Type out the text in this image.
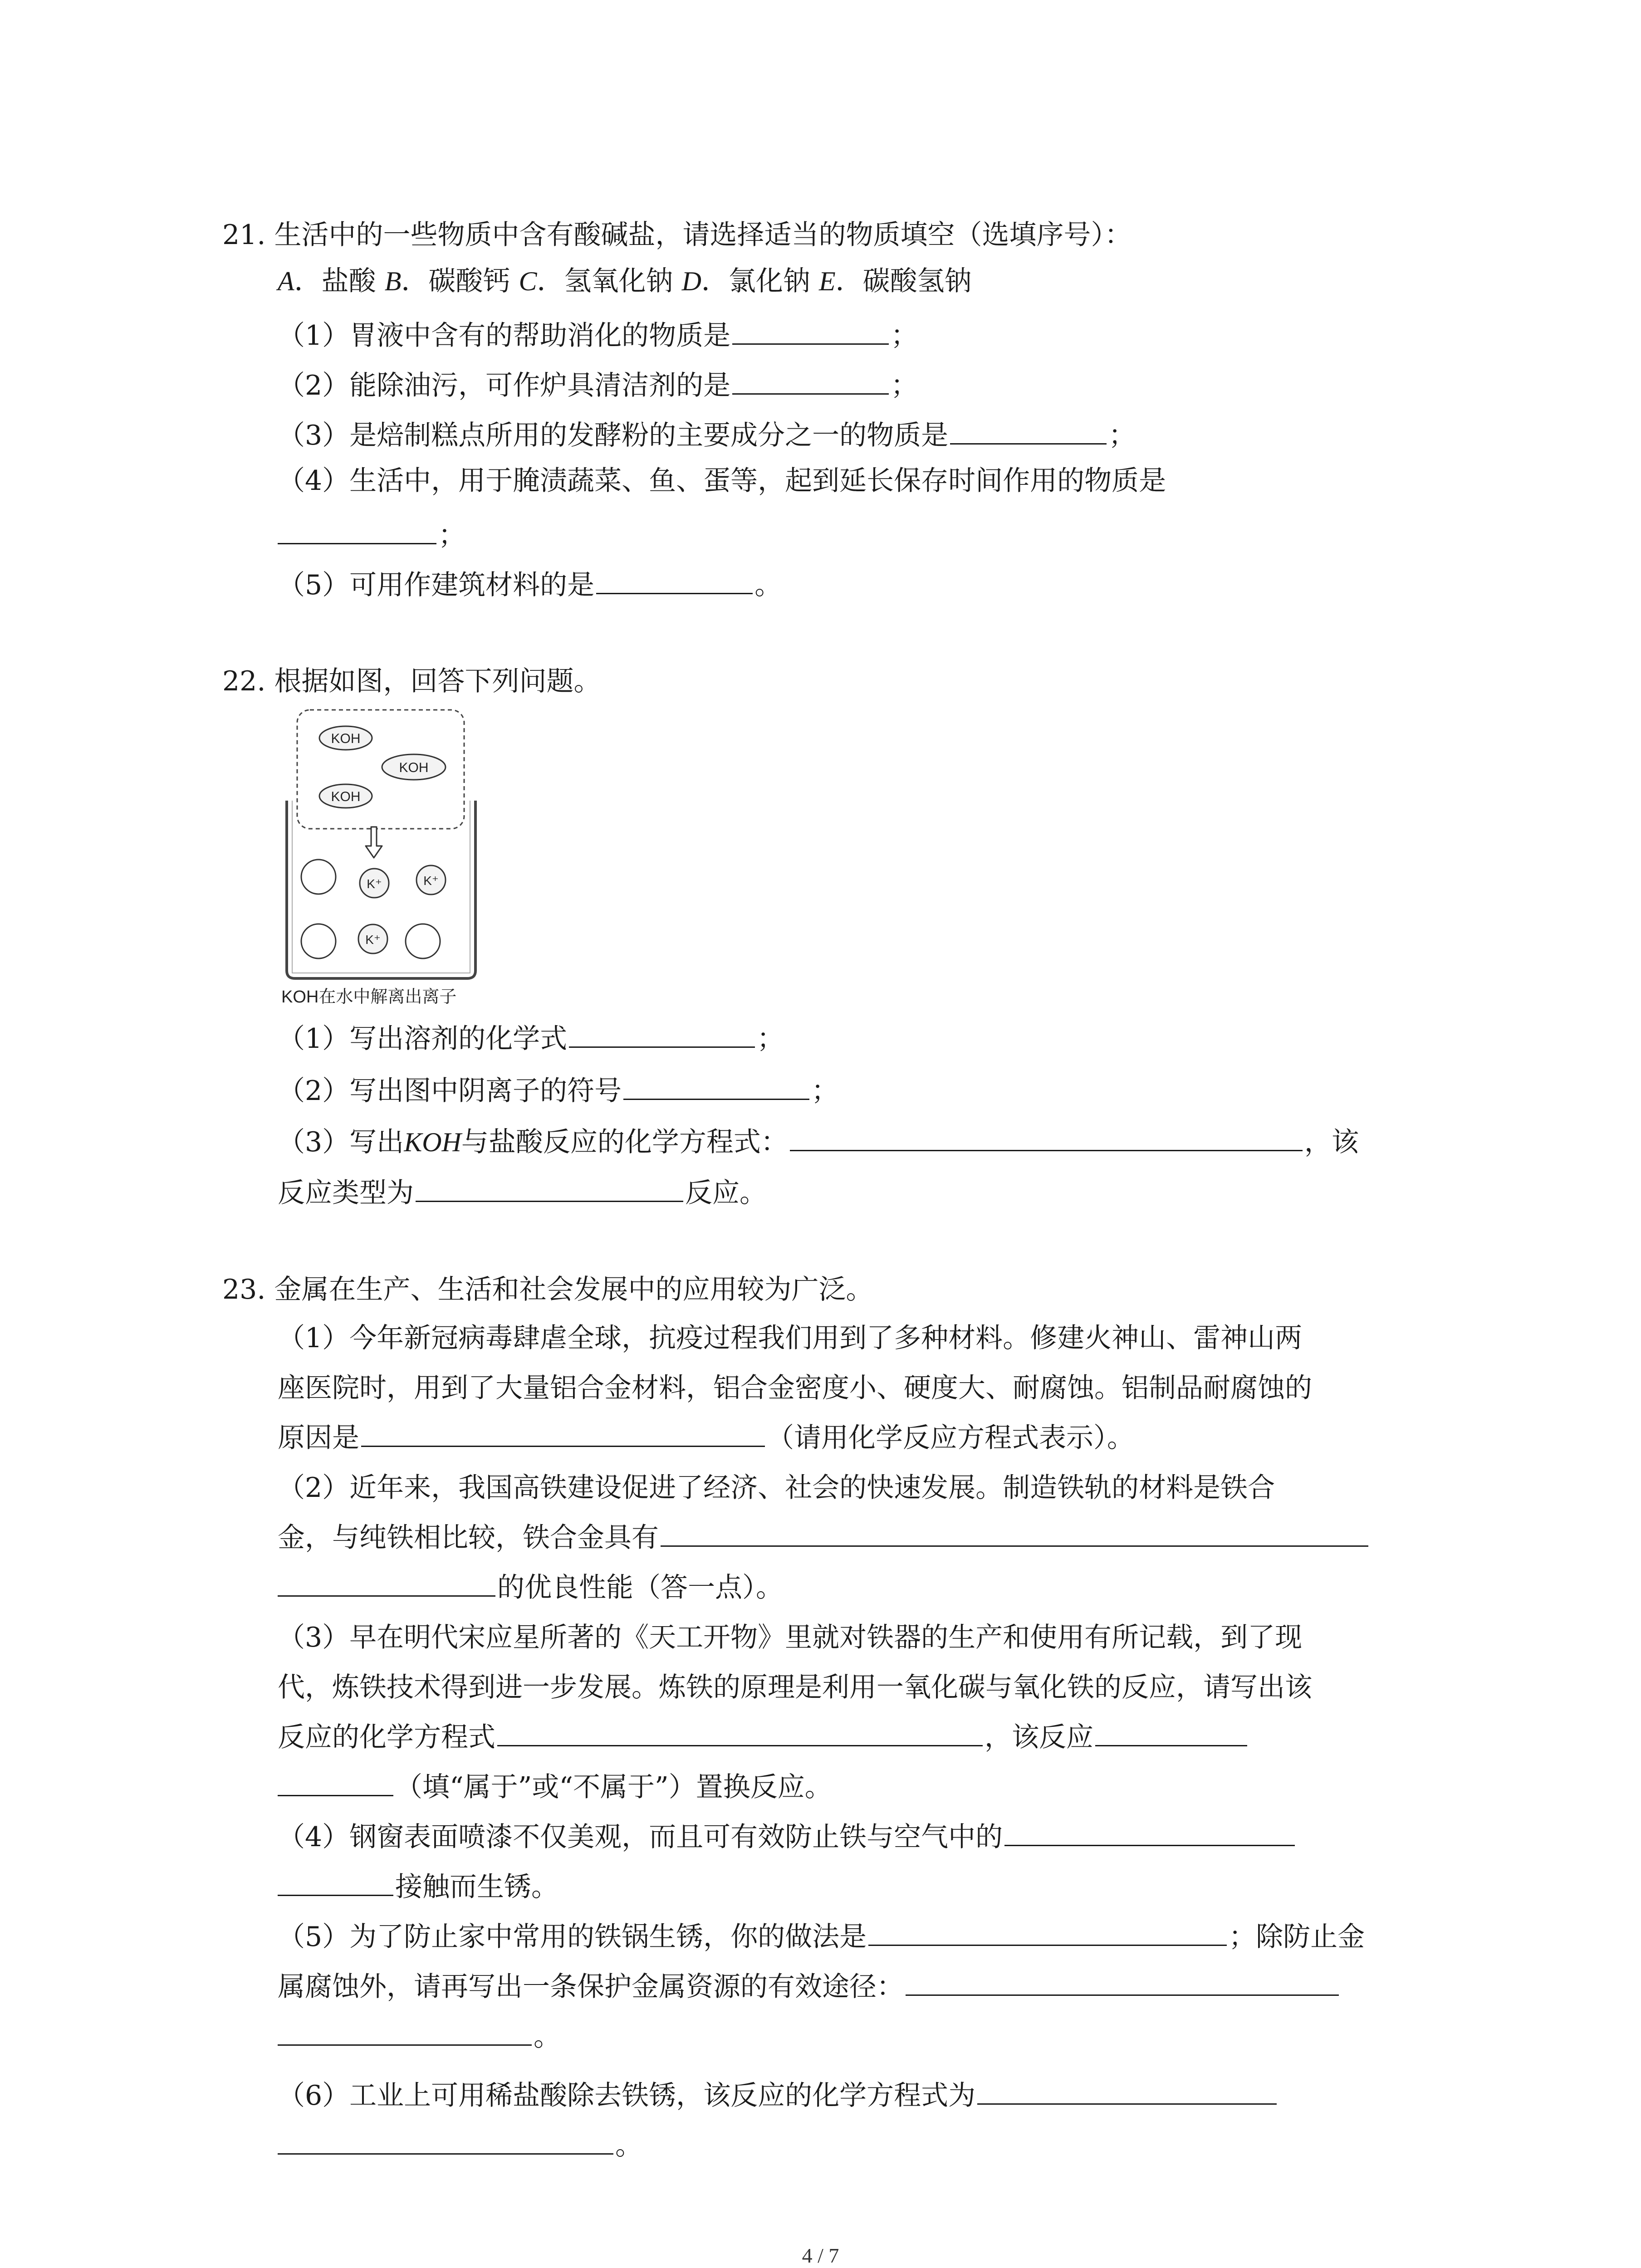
21. 生活中的一些物质中含有酸碱盐，请选择适当的物质填空（选填序号）：
A．盐酸 B．碳酸钙 C．氢氧化钠 D．氯化钠 E．碳酸氢钠
（1）胃液中含有的帮助消化的物质是	；
（2）能除油污，可作炉具清洁剂的是	；
（3）是焙制糕点所用的发酵粉的主要成分之一的物质是	；
（4）生活中，用于腌渍蔬菜、鱼、蛋等，起到延长保存时间作用的物质是
；
（5）可用作建筑材料的是	。
22. 根据如图，回答下列问题。
KOH
KOH
KOH
K⁺	K⁺
K⁺
KOH在水中解离出离子
（1）写出溶剂的化学式	；
（2）写出图中阴离子的符号	；
（3）写出KOH与盐酸反应的化学方程式：	，该
反应类型为	反应。
23. 金属在生产、生活和社会发展中的应用较为广泛。
（1）今年新冠病毒肆虐全球，抗疫过程我们用到了多种材料。修建火神山、雷神山两
座医院时，用到了大量铝合金材料，铝合金密度小、硬度大、耐腐蚀。铝制品耐腐蚀的
原因是	（请用化学反应方程式表示）。
（2）近年来，我国高铁建设促进了经济、社会的快速发展。制造铁轨的材料是铁合
金，与纯铁相比较，铁合金具有
的优良性能（答一点）。
（3）早在明代宋应星所著的《天工开物》里就对铁器的生产和使用有所记载，到了现
代，炼铁技术得到进一步发展。炼铁的原理是利用一氧化碳与氧化铁的反应，请写出该
反应的化学方程式	，该反应
（填“属于”或“不属于”）置换反应。
（4）钢窗表面喷漆不仅美观，而且可有效防止铁与空气中的
接触而生锈。
（5）为了防止家中常用的铁锅生锈，你的做法是	；除防止金
属腐蚀外，请再写出一条保护金属资源的有效途径：
。
（6）工业上可用稀盐酸除去铁锈，该反应的化学方程式为
。
4 / 7
